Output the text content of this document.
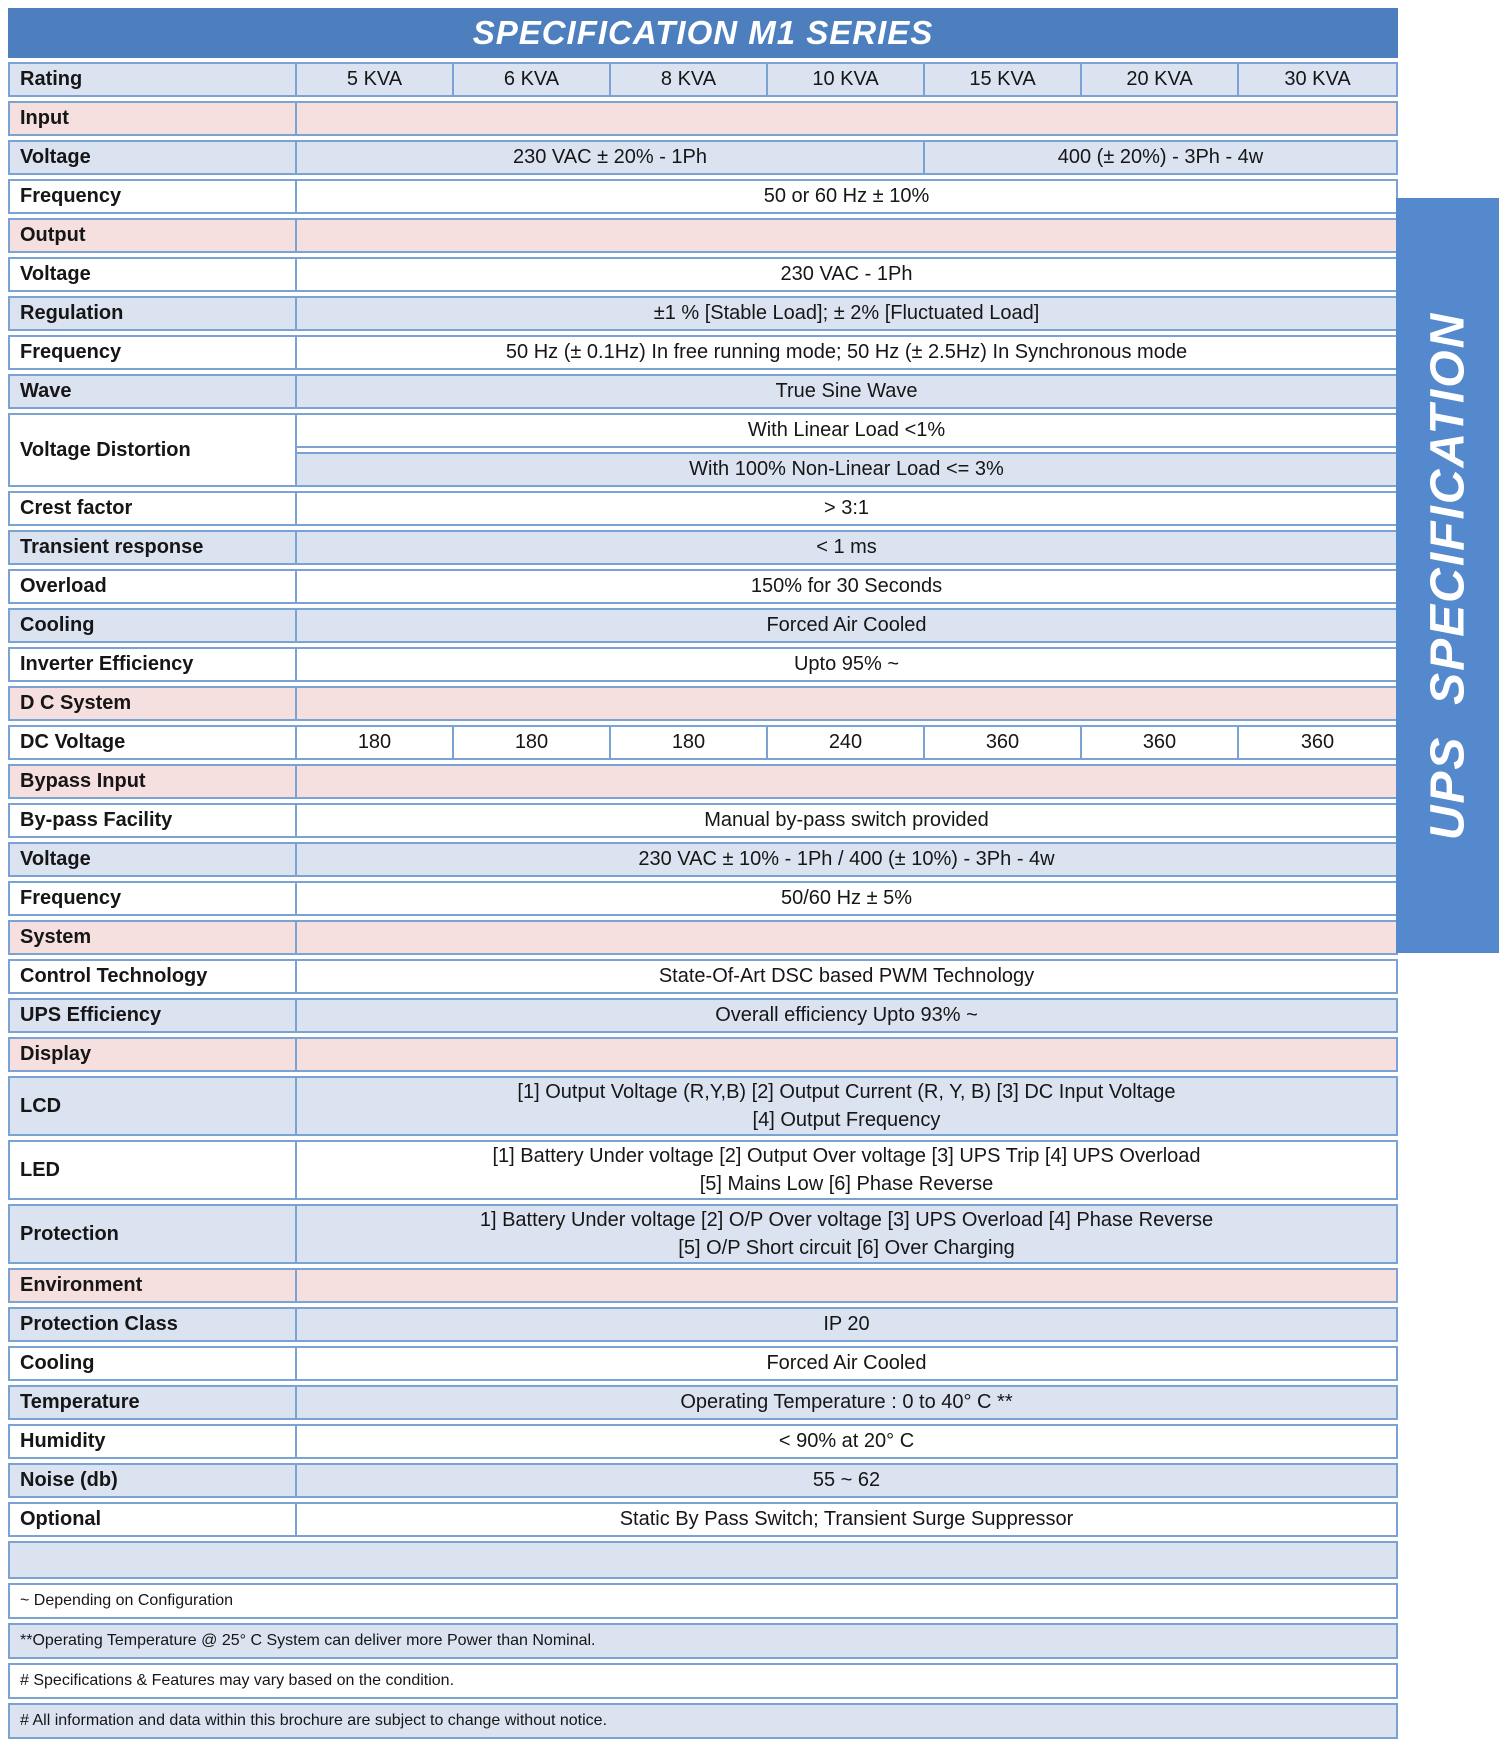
SPECIFICATION M1 SERIES							
Rating	5 KVA	6 KVA	8 KVA	10 KVA	15 KVA	20 KVA	30 KVA
Input							
Voltage	230 VAC ± 20% - 1Ph				400 (± 20%) - 3Ph - 4w		
Frequency	50 or 60 Hz ± 10%						
Output							
Voltage	230 VAC - 1Ph						
Regulation	±1 % [Stable Load]; ± 2% [Fluctuated Load]						
Frequency	50 Hz (± 0.1Hz) In free running mode; 50 Hz (± 2.5Hz) In Synchronous mode						
Wave	True Sine Wave						
Voltage Distortion	With Linear Load <1%						
	With 100% Non-Linear Load <= 3%						
Crest factor	> 3:1						
Transient response	< 1 ms						
Overload	150% for 30 Seconds						
Cooling	Forced Air Cooled						
Inverter Efficiency	Upto 95% ~						
D C System							
DC Voltage	180	180	180	240	360	360	360
Bypass Input							
By-pass Facility	Manual by-pass switch provided						
Voltage	230 VAC ± 10% - 1Ph / 400 (± 10%) - 3Ph - 4w						
Frequency	50/60 Hz ± 5%						
System							
Control Technology	State-Of-Art DSC based PWM Technology						
UPS Efficiency	Overall efficiency Upto 93% ~						
Display							
LCD	[1] Output Voltage (R,Y,B) [2] Output Current (R, Y, B) [3] DC Input Voltage
[4] Output Frequency						

LED	[1] Battery Under voltage [2] Output Over voltage [3] UPS Trip [4] UPS Overload
[5] Mains Low [6] Phase Reverse						

Protection	1] Battery Under voltage [2] O/P Over voltage [3] UPS Overload [4] Phase Reverse
[5] O/P Short circuit [6] Over Charging						

Environment							
Protection Class	IP 20						
Cooling	Forced Air Cooled						
Temperature	Operating Temperature : 0 to 40° C **						
Humidity	< 90% at 20° C						
Noise (db)	55 ~ 62						
Optional	Static By Pass Switch; Transient Surge Suppressor						

~ Depending on Configuration							
**Operating Temperature @ 25° C System can deliver more Power than Nominal.							
# Specifications & Features may vary based on the condition.							
# All information and data within this brochure are subject to change without notice.							
UPS  SPECIFICATION
